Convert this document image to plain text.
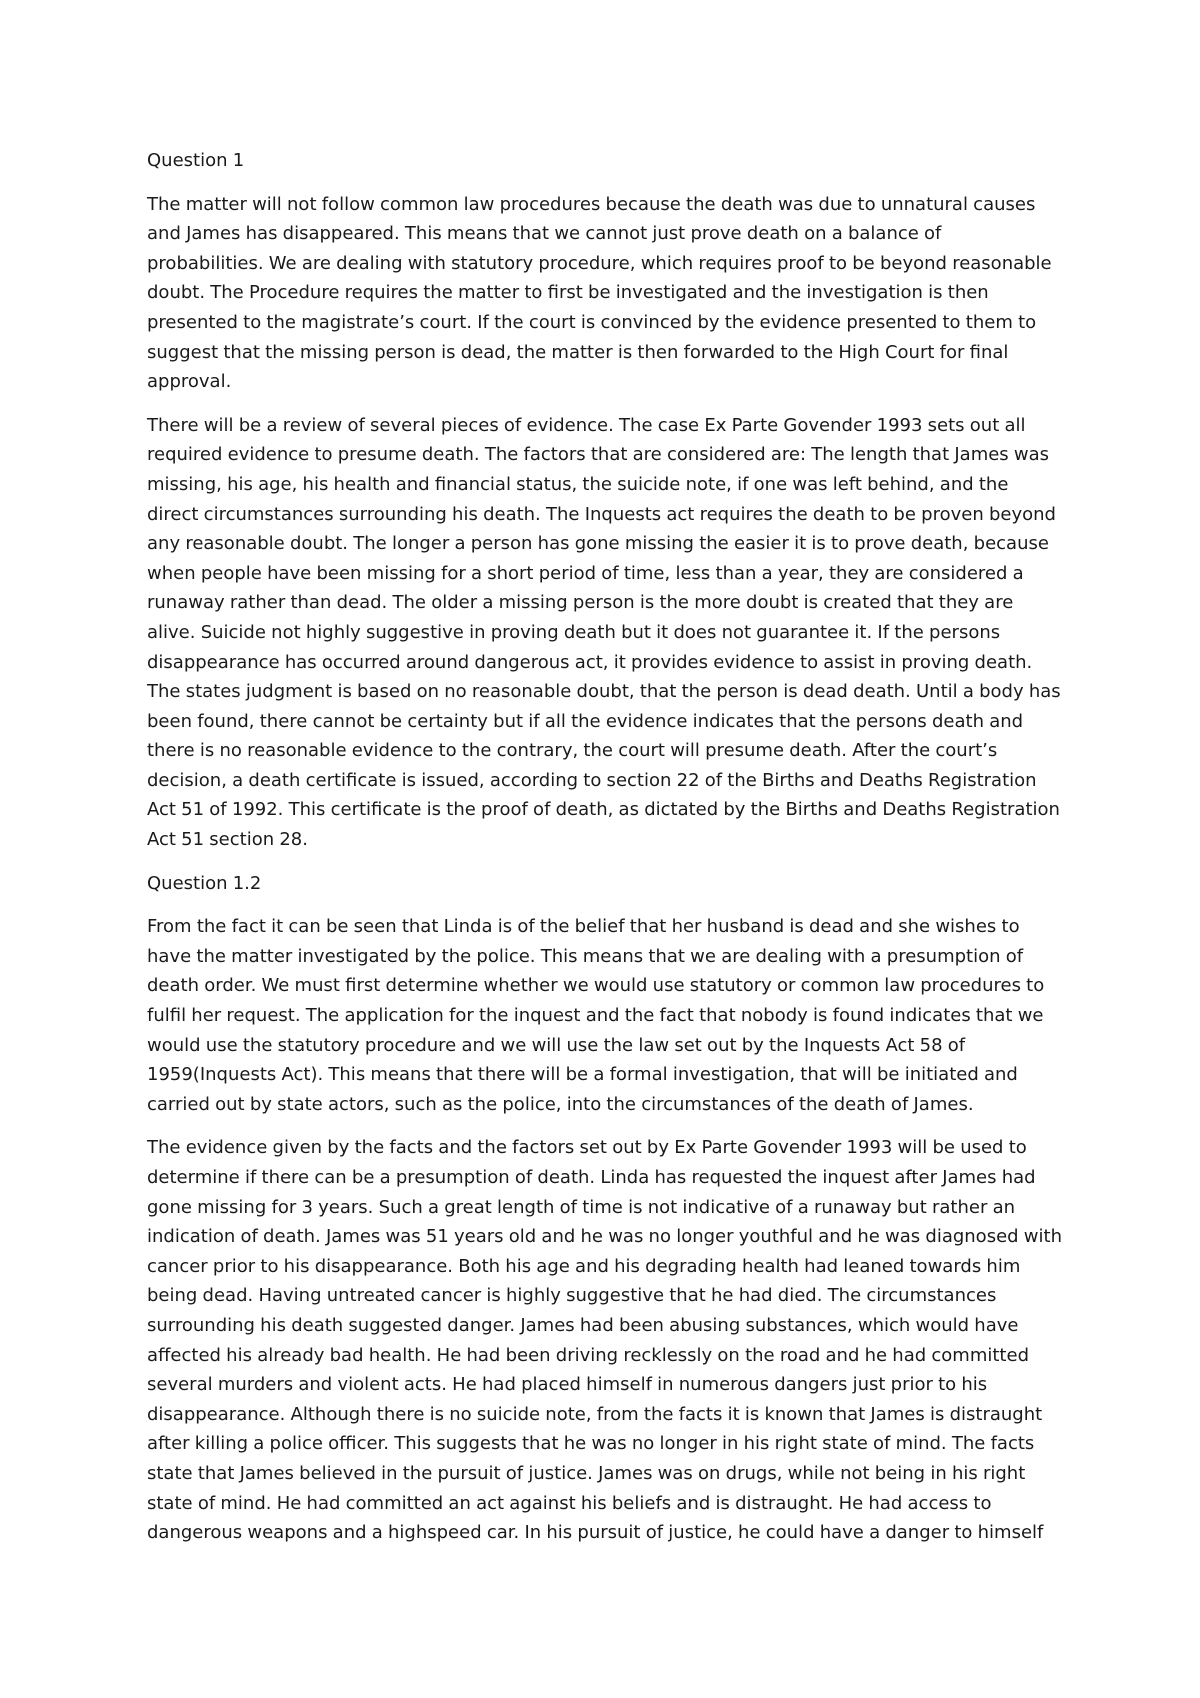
Question 1

The matter will not follow common law procedures because the death was due to unnatural causes and James has disappeared. This means that we cannot just prove death on a balance of probabilities. We are dealing with statutory procedure, which requires proof to be beyond reasonable doubt. The Procedure requires the matter to first be investigated and the investigation is then presented to the magistrate’s court. If the court is convinced by the evidence presented to them to suggest that the missing person is dead, the matter is then forwarded to the High Court for final approval.

There will be a review of several pieces of evidence. The case Ex Parte Govender 1993 sets out all required evidence to presume death. The factors that are considered are: The length that James was missing, his age, his health and financial status, the suicide note, if one was left behind, and the direct circumstances surrounding his death. The Inquests act requires the death to be proven beyond any reasonable doubt. The longer a person has gone missing the easier it is to prove death, because when people have been missing for a short period of time, less than a year, they are considered a runaway rather than dead. The older a missing person is the more doubt is created that they are alive. Suicide not highly suggestive in proving death but it does not guarantee it. If the persons disappearance has occurred around dangerous act, it provides evidence to assist in proving death. The states judgment is based on no reasonable doubt, that the person is dead death. Until a body has been found, there cannot be certainty but if all the evidence indicates that the persons death and there is no reasonable evidence to the contrary, the court will presume death. After the court’s decision, a death certificate is issued, according to section 22 of the Births and Deaths Registration Act 51 of 1992. This certificate is the proof of death, as dictated by the Births and Deaths Registration Act 51 section 28.

Question 1.2

From the fact it can be seen that Linda is of the belief that her husband is dead and she wishes to have the matter investigated by the police. This means that we are dealing with a presumption of death order. We must first determine whether we would use statutory or common law procedures to fulfil her request. The application for the inquest and the fact that nobody is found indicates that we would use the statutory procedure and we will use the law set out by the Inquests Act 58 of 1959(Inquests Act). This means that there will be a formal investigation, that will be initiated and carried out by state actors, such as the police, into the circumstances of the death of James.

The evidence given by the facts and the factors set out by Ex Parte Govender 1993 will be used to determine if there can be a presumption of death. Linda has requested the inquest after James had gone missing for 3 years. Such a great length of time is not indicative of a runaway but rather an indication of death. James was 51 years old and he was no longer youthful and he was diagnosed with cancer prior to his disappearance. Both his age and his degrading health had leaned towards him being dead. Having untreated cancer is highly suggestive that he had died. The circumstances surrounding his death suggested danger. James had been abusing substances, which would have affected his already bad health. He had been driving recklessly on the road and he had committed several murders and violent acts. He had placed himself in numerous dangers just prior to his disappearance. Although there is no suicide note, from the facts it is known that James is distraught after killing a police officer. This suggests that he was no longer in his right state of mind. The facts state that James believed in the pursuit of justice. James was on drugs, while not being in his right state of mind. He had committed an act against his beliefs and is distraught. He had access to dangerous weapons and a highspeed car. In his pursuit of justice, he could have a danger to himself
